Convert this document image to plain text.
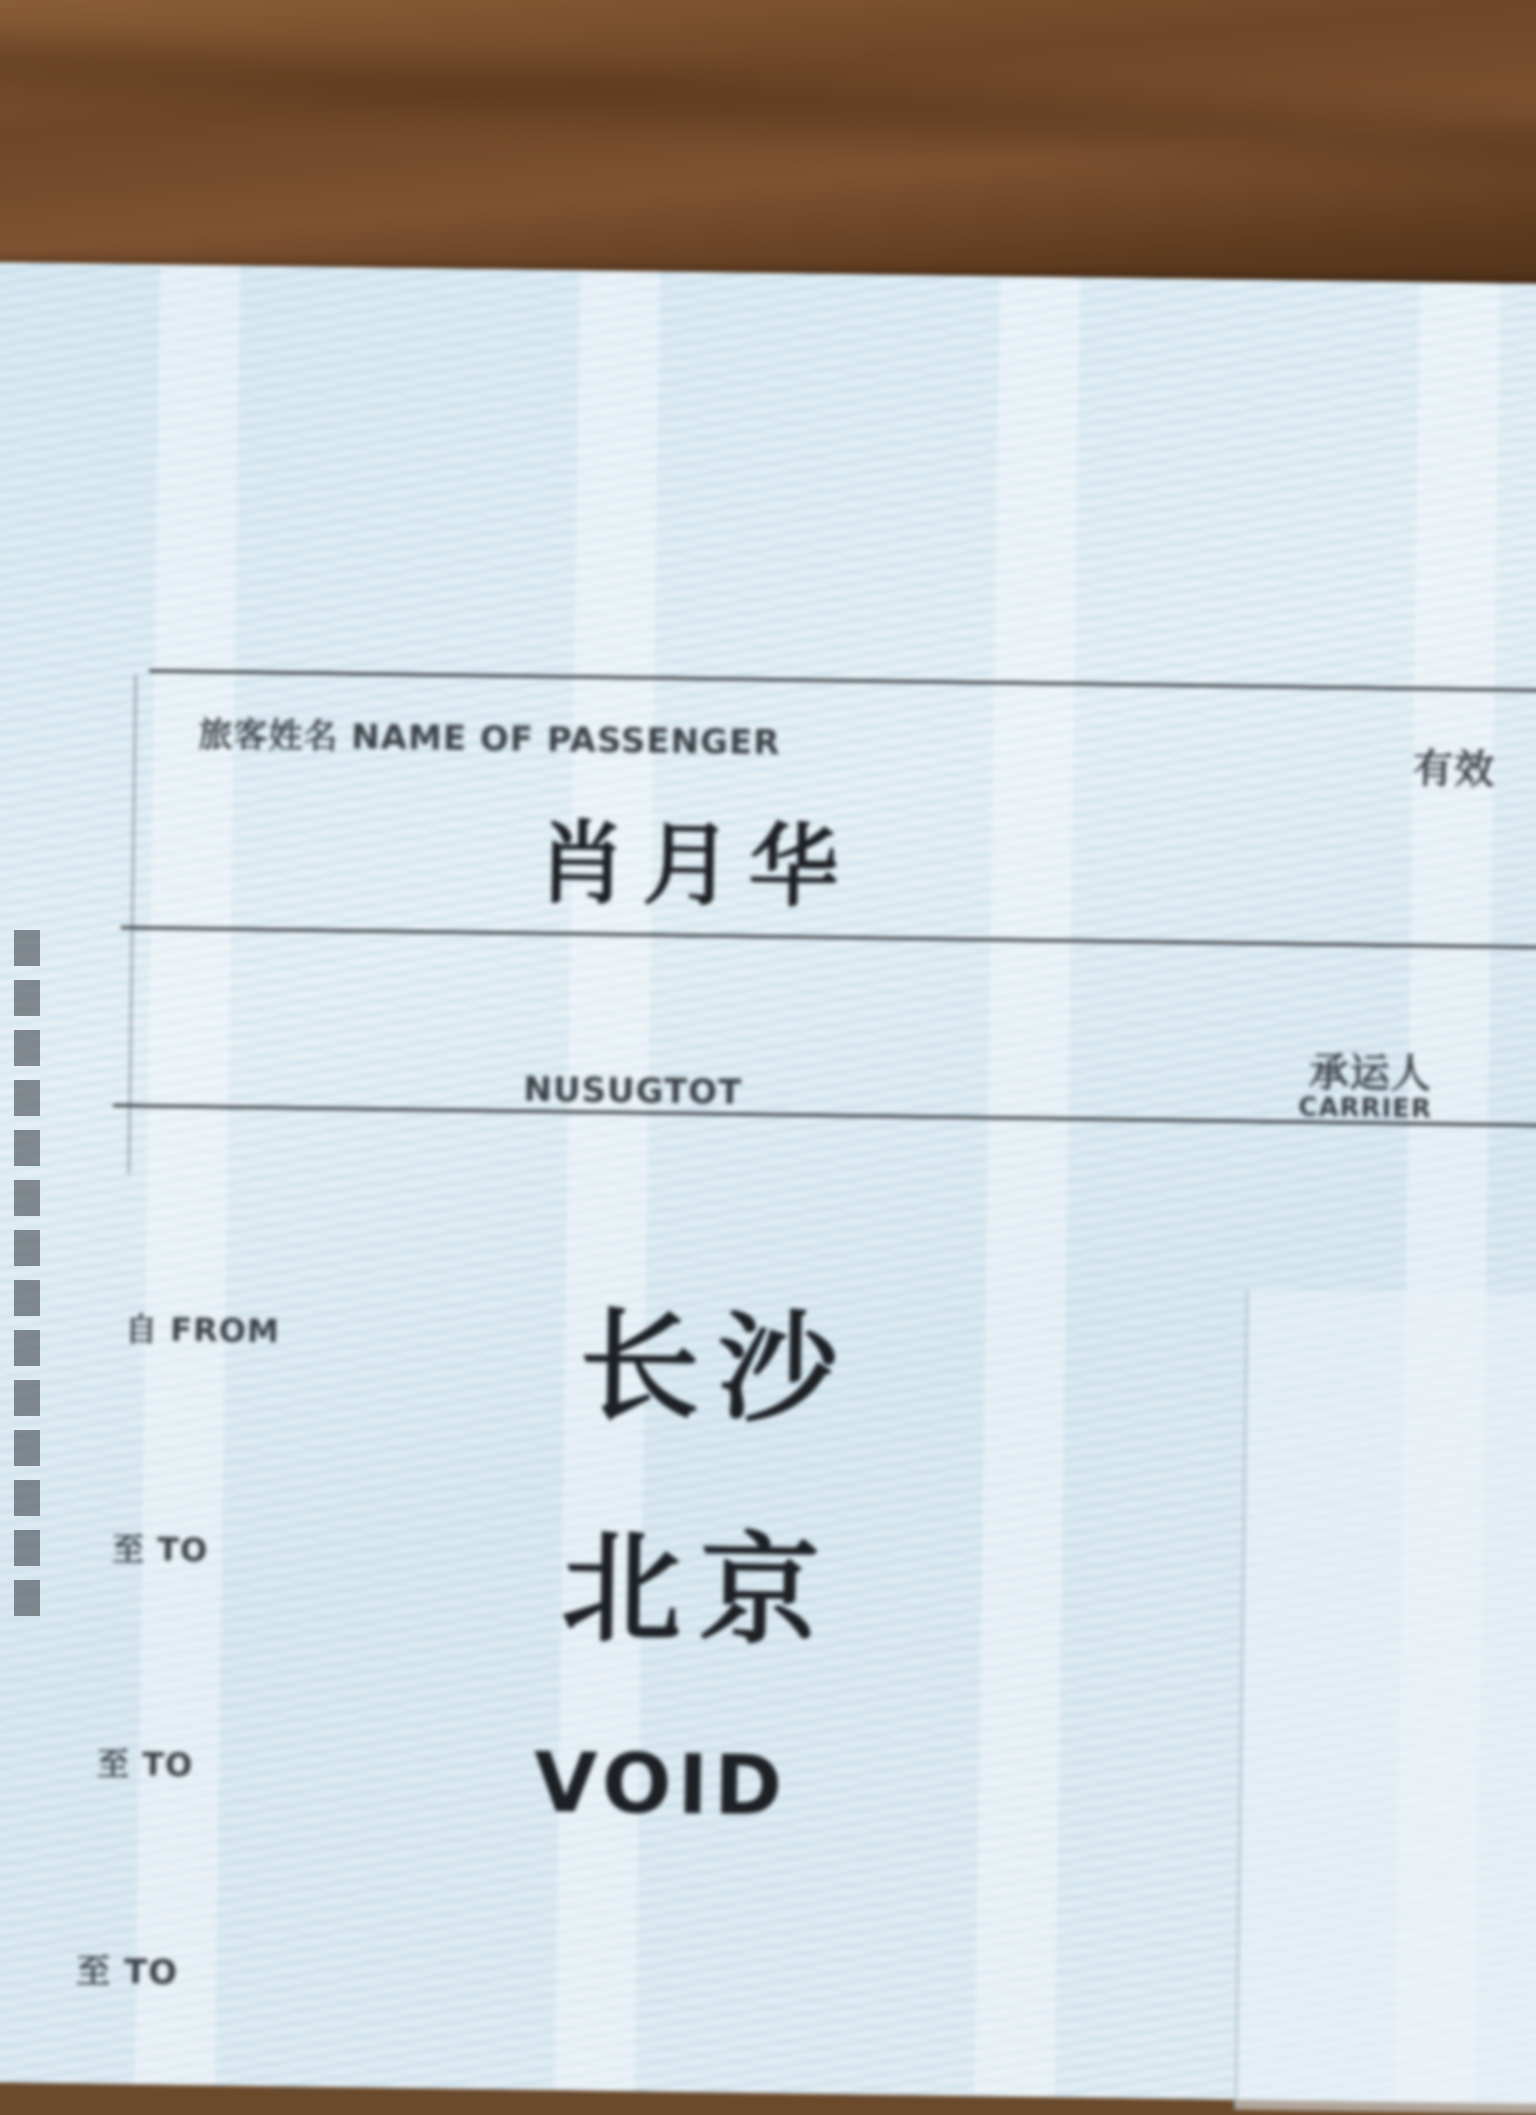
旅客姓名 NAME OF PASSENGER
肖月华
有效
承运人
CARRIER
NUSUGTOT
自 FROM 长沙
至 TO	北京
至 TO	VOID
至 TO
